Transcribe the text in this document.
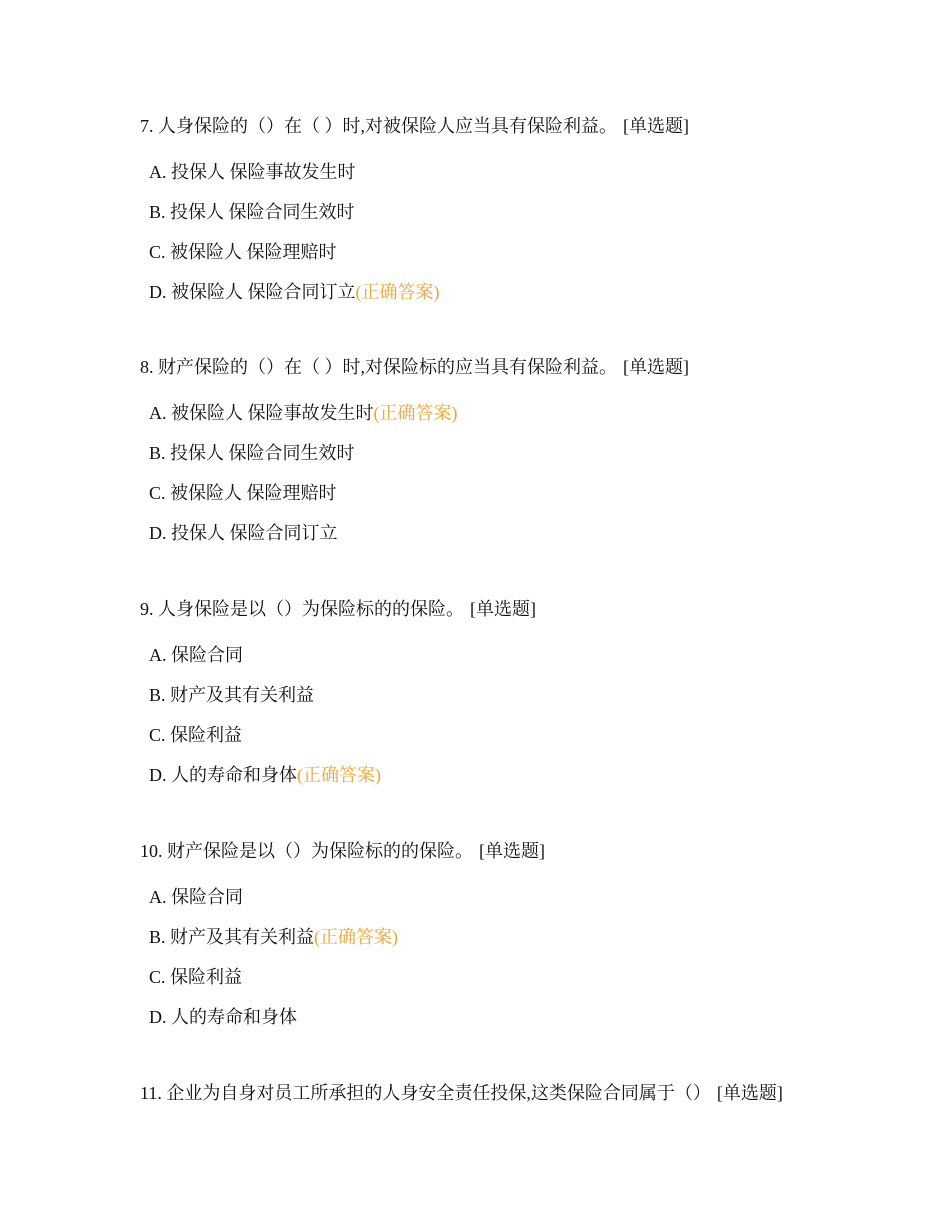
7. 人身保险的（）在（ ）时,对被保险人应当具有保险利益。 [单选题]

A. 投保人 保险事故发生时
B. 投保人 保险合同生效时
C. 被保险人 保险理赔时
D. 被保险人 保险合同订立(正确答案)

8. 财产保险的（）在（ ）时,对保险标的应当具有保险利益。 [单选题]

A. 被保险人 保险事故发生时(正确答案)
B. 投保人 保险合同生效时
C. 被保险人 保险理赔时
D. 投保人 保险合同订立

9. 人身保险是以（）为保险标的的保险。 [单选题]

A. 保险合同
B. 财产及其有关利益
C. 保险利益
D. 人的寿命和身体(正确答案)

10. 财产保险是以（）为保险标的的保险。 [单选题]

A. 保险合同
B. 财产及其有关利益(正确答案)
C. 保险利益
D. 人的寿命和身体

11. 企业为自身对员工所承担的人身安全责任投保,这类保险合同属于（） [单选题]
